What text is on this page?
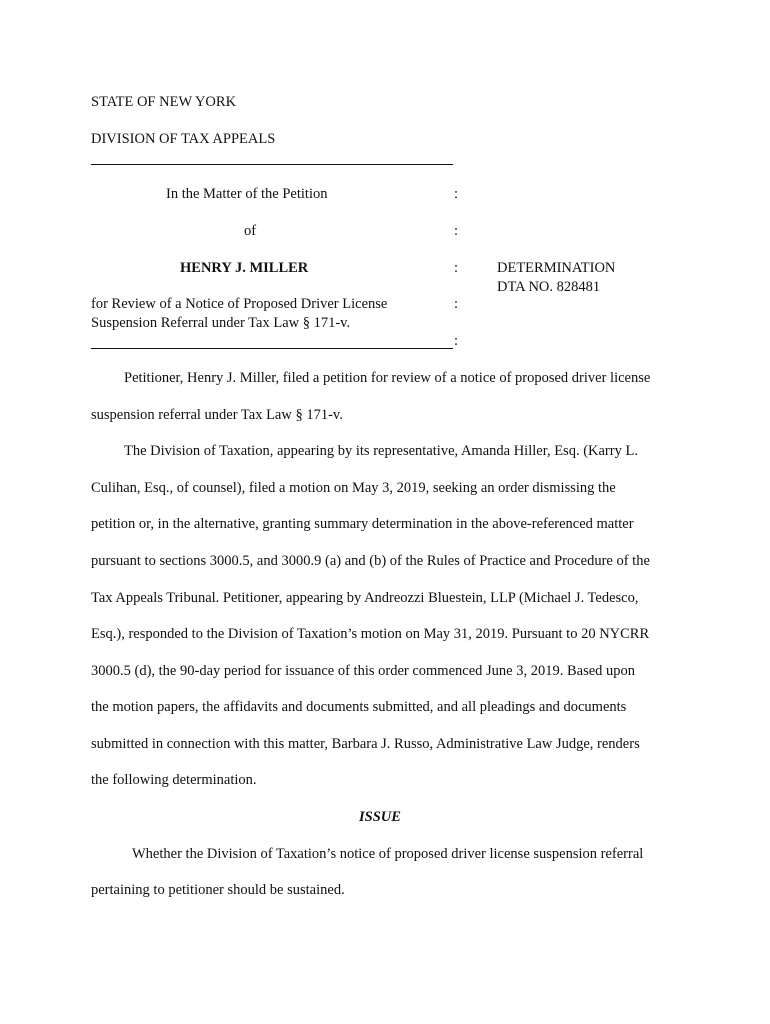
STATE OF NEW YORK
DIVISION OF TAX APPEALS
In the Matter of the Petition	:
of	:
HENRY J. MILLER	:	DETERMINATION
DTA NO. 828481
for Review of a Notice of Proposed Driver License	:
Suspension Referral under Tax Law § 171-v.
:
Petitioner, Henry J. Miller, filed a petition for review of a notice of proposed driver license
suspension referral under Tax Law § 171-v.
The Division of Taxation, appearing by its representative, Amanda Hiller, Esq. (Karry L.
Culihan, Esq., of counsel), filed a motion on May 3, 2019, seeking an order dismissing the
petition or, in the alternative, granting summary determination in the above-referenced matter
pursuant to sections 3000.5, and 3000.9 (a) and (b) of the Rules of Practice and Procedure of the
Tax Appeals Tribunal. Petitioner, appearing by Andreozzi Bluestein, LLP (Michael J. Tedesco,
Esq.), responded to the Division of Taxation’s motion on May 31, 2019. Pursuant to 20 NYCRR
3000.5 (d), the 90-day period for issuance of this order commenced June 3, 2019. Based upon
the motion papers, the affidavits and documents submitted, and all pleadings and documents
submitted in connection with this matter, Barbara J. Russo, Administrative Law Judge, renders
the following determination.
ISSUE
Whether the Division of Taxation’s notice of proposed driver license suspension referral
pertaining to petitioner should be sustained.
